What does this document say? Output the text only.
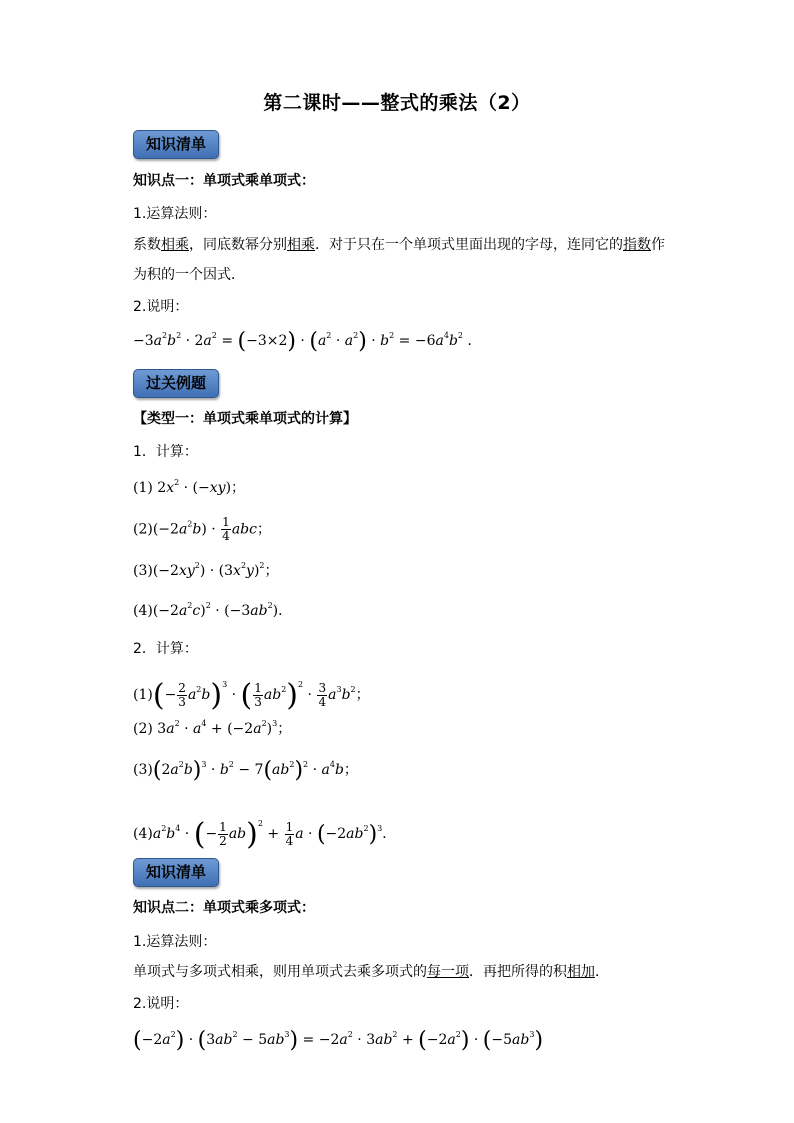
第二课时——整式的乘法（2）
知识清单
知识点一：单项式乘单项式：
1.运算法则：
系数相乘，同底数幂分别相乘．对于只在一个单项式里面出现的字母，连同它的指数作
为积的一个因式．
2.说明：
$-3a^2b^2 \cdot 2a^2 = (-3\times 2) \cdot (a^2 \cdot a^2) \cdot b^2 = -6a^4b^2$ ．
过关例题
【类型一：单项式乘单项式的计算】
1．计算：
(1) $2x^2 \cdot (-xy)$；
$(2)(-2a^2b) \cdot \frac{1}{4}$ abc；
$(3)(-2xy^2) \cdot (3x^2y)^2$；
$(4)(-2a^2c)^2 \cdot (-3ab^2)$．
2．计算：
$(1)(- \frac{2}{3} a^2b)^3$ · ( $\frac{1}{3} ab^2)^2 \cdot \frac{3}{4} a^3b^2$；
(2) $3a^2 \cdot a^4 + (-2a^2)^3$；
$(3)(2a^2b)^3 \cdot b^2 - 7(ab^2)^2 \cdot a^4b$；
$(4)a^2b^4$ · (− $\frac{1}{2} ab)^2 + \frac{1}{4}$ $a \cdot (-2ab^2)^3$．
知识清单
知识点二：单项式乘多项式：
1.运算法则：
单项式与多项式相乘，则用单项式去乘多项式的每一项．再把所得的积相加．
2.说明：
$(-2a^2) \cdot (3ab^2 - 5ab^3) = -2a^2 \cdot 3ab^2 + (-2a^2) \cdot (-5ab^3)$
